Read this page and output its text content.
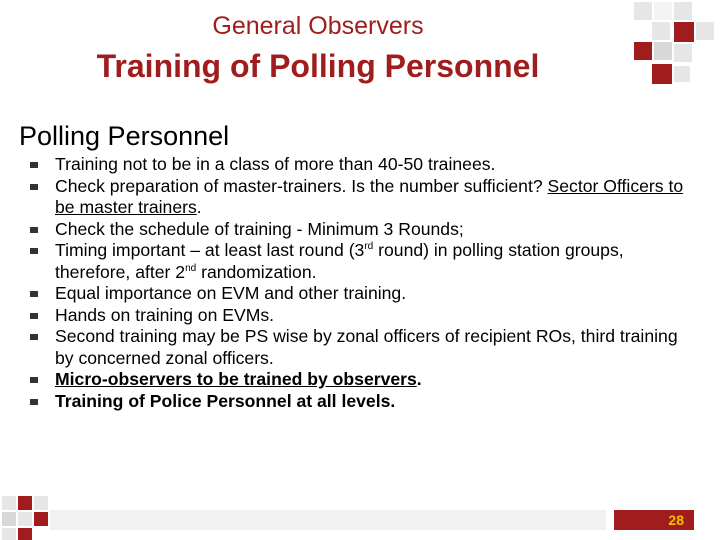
General Observers
Training of Polling Personnel
Polling Personnel
Training not to be in a class of more than 40-50 trainees.
Check preparation of master-trainers. Is the number sufficient? Sector Officers to be master trainers.
Check the schedule of training - Minimum 3 Rounds;
Timing important – at least last round (3rd round) in polling station groups, therefore, after 2nd randomization.
Equal importance on EVM and other training.
Hands on training on EVMs.
Second training may be PS wise by zonal officers of recipient ROs, third training by concerned zonal officers.
Micro-observers to be trained by observers.
Training of Police Personnel at all levels.
28
